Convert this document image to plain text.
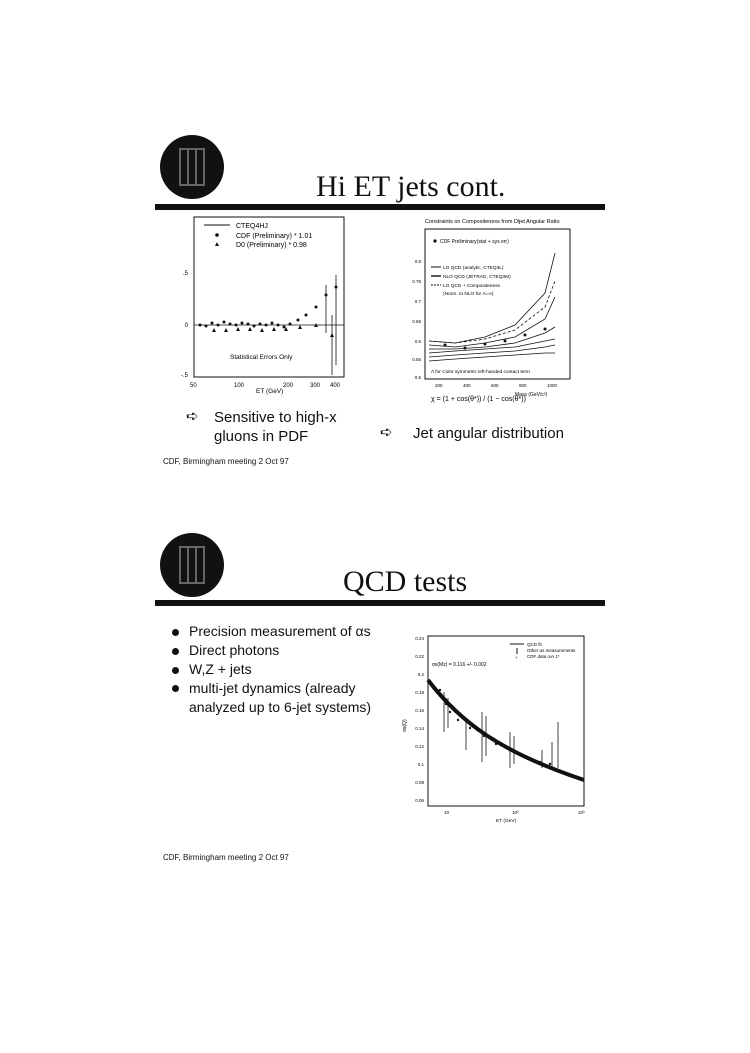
Hi ET jets cont.
CTEQ4HJ
CDF (Preliminary) * 1.01
D0 (Preliminary) * 0.98
.5
0
-.5
Statistical Errors Only
50	100	200	300 400
ET (GeV)
Constraints on Compositeness from Dijet Angular Ratio
CDF Preliminary(stat + sys err)
LO QCD (analytic, CTEQ3L)
NLO QCD (JETRAD, CTEQ3M)
LO QCD + Compositeness
(Norm. to NLO for Λ=∞)
Λ for Color symmetric left-handed contact term
0.8
0.75
0.7
0.65
0.6
0.55
0.5
200	400	600	800	1000
Mass (GeV/c²)
χ = (1 + cos(θ*)) / (1 − cos(θ*))
➪ Sensitive to high-x gluons in PDF	➪ Jet angular distribution
CDF, Birmingham meeting 2 Oct 97
QCD tests
Precision measurement of αs
Direct photons
W,Z + jets
multi-jet dynamics (already analyzed up to 6-jet systems)
QCD fit
Other αs measurements
+ CDF data run 1*
αs(Mz) = 0.116 +/- 0.002
0.24
0.22
0.2
0.18
0.16
0.14
0.12
0.1
0.08
0.06
αs(Q)
10	10²	10³
ET (GeV)
CDF, Birmingham meeting 2 Oct 97
